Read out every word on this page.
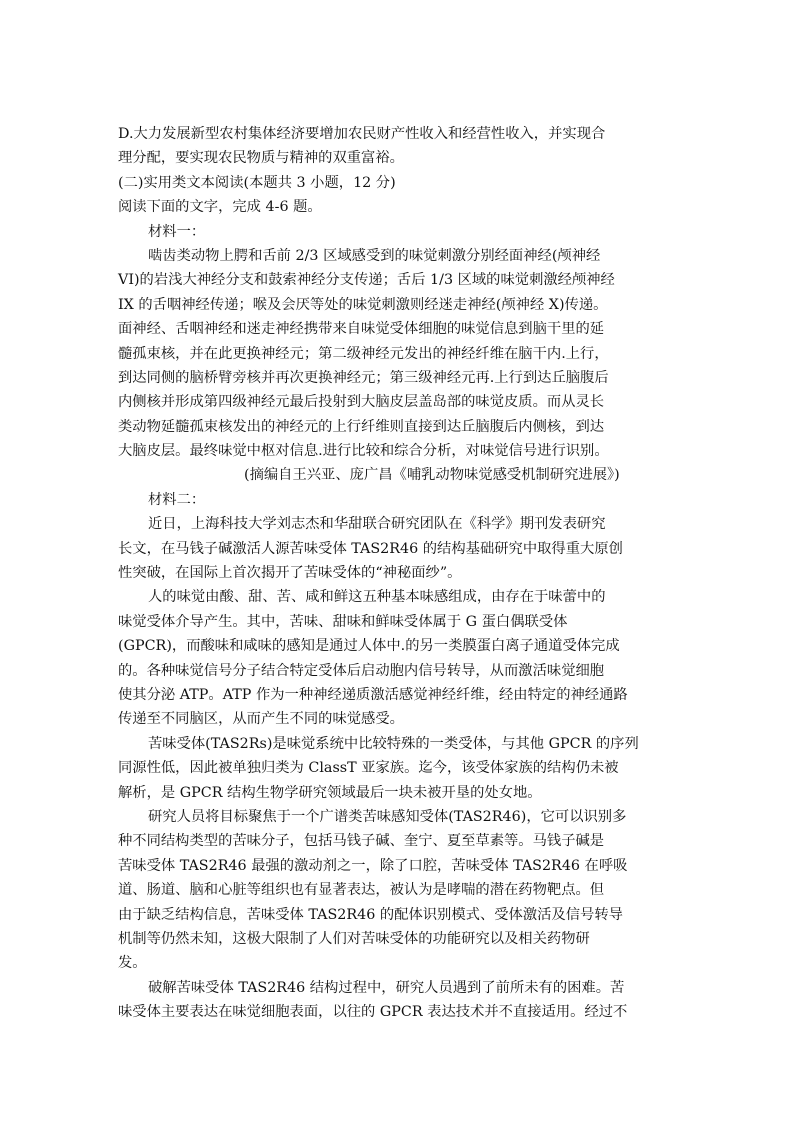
D.大力发展新型农村集体经济要增加农民财产性收入和经营性收入，并实现合
理分配，要实现农民物质与精神的双重富裕。
(二)实用类文本阅读(本题共 3 小题，12 分)
阅读下面的文字，完成 4-6 题。
材料一：
啮齿类动物上腭和舌前 2/3 区域感受到的味觉刺激分别经面神经(颅神经
VI)的岩浅大神经分支和鼓索神经分支传递；舌后 1/3 区域的味觉刺激经颅神经
IX 的舌咽神经传递；喉及会厌等处的味觉刺激则经迷走神经(颅神经 X)传递。
面神经、舌咽神经和迷走神经携带来自味觉受体细胞的味觉信息到脑干里的延
髓孤束核，并在此更换神经元；第二级神经元发出的神经纤维在脑干内.上行，
到达同侧的脑桥臂旁核并再次更换神经元；第三级神经元再.上行到达丘脑腹后
内侧核并形成第四级神经元最后投射到大脑皮层盖岛部的味觉皮质。而从灵长
类动物延髓孤束核发出的神经元的上行纤维则直接到达丘脑腹后内侧核，到达
大脑皮层。最终味觉中枢对信息.进行比较和综合分析，对味觉信号进行识别。
(摘编自王兴亚、庞广昌《哺乳动物味觉感受机制研究进展》)
材料二：
近日，上海科技大学刘志杰和华甜联合研究团队在《科学》期刊发表研究
长文，在马钱子碱激活人源苦味受体 TAS2R46 的结构基础研究中取得重大原创
性突破，在国际上首次揭开了苦味受体的“神秘面纱”。
人的味觉由酸、甜、苦、咸和鲜这五种基本味感组成，由存在于味蕾中的
味觉受体介导产生。其中，苦味、甜味和鲜味受体属于 G 蛋白偶联受体
(GPCR)，而酸味和咸味的感知是通过人体中.的另一类膜蛋白离子通道受体完成
的。各种味觉信号分子结合特定受体后启动胞内信号转导，从而激活味觉细胞
使其分泌 ATP。ATP 作为一种神经递质激活感觉神经纤维，经由特定的神经通路
传递至不同脑区，从而产生不同的味觉感受。
苦味受体(TAS2Rs)是味觉系统中比较特殊的一类受体，与其他 GPCR 的序列
同源性低，因此被单独归类为 ClassT 亚家族。迄今，该受体家族的结构仍未被
解析，是 GPCR 结构生物学研究领域最后一块未被开垦的处女地。
研究人员将目标聚焦于一个广谱类苦味感知受体(TAS2R46)，它可以识别多
种不同结构类型的苦味分子，包括马钱子碱、奎宁、夏至草素等。马钱子碱是
苦味受体 TAS2R46 最强的激动剂之一，除了口腔，苦味受体 TAS2R46 在呼吸
道、肠道、脑和心脏等组织也有显著表达，被认为是哮喘的潜在药物靶点。但
由于缺乏结构信息，苦味受体 TAS2R46 的配体识别模式、受体激活及信号转导
机制等仍然未知，这极大限制了人们对苦味受体的功能研究以及相关药物研
发。
破解苦味受体 TAS2R46 结构过程中，研究人员遇到了前所未有的困难。苦
味受体主要表达在味觉细胞表面，以往的 GPCR 表达技术并不直接适用。经过不
